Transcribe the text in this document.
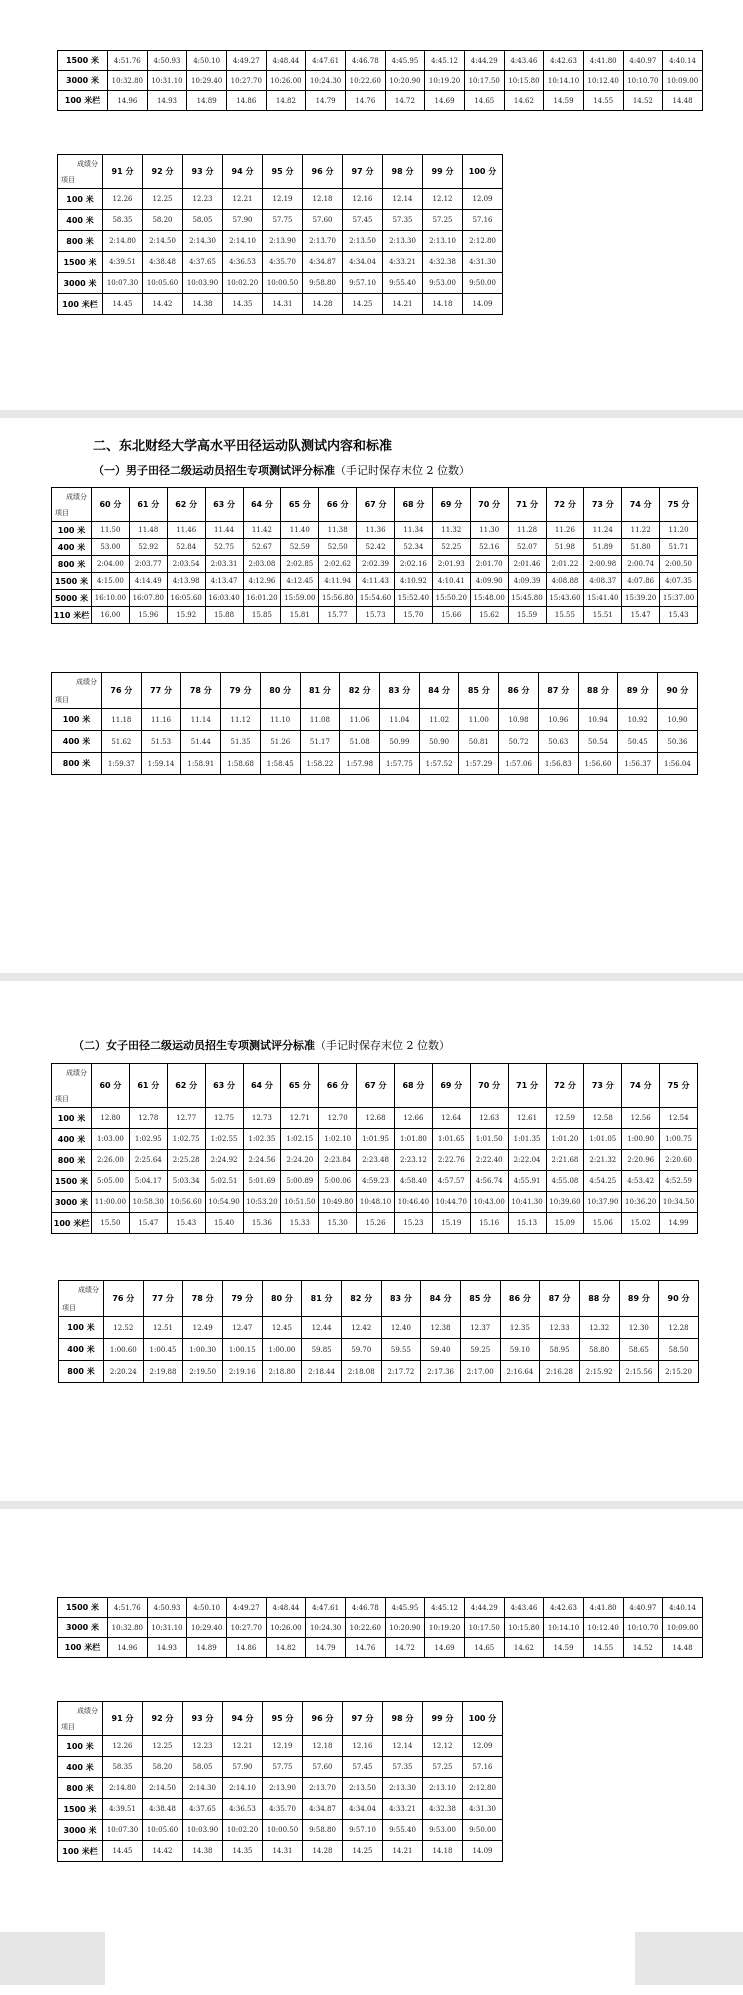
1500 米	4:51.76	4:50.93	4:50.10	4:49.27	4:48.44	4:47.61	4:46.78	4:45.95	4:45.12	4:44.29	4:43.46	4:42.63	4:41.80	4:40.97	4:40.14
3000 米	10:32.80	10:31.10	10:29.40	10:27.70	10:26.00	10:24.30	10:22.60	10:20.90	10:19.20	10:17.50	10:15.80	10:14.10	10:12.40	10:10.70	10:09.00
100 米栏	14.96	14.93	14.89	14.86	14.82	14.79	14.76	14.72	14.69	14.65	14.62	14.59	14.55	14.52	14.48
成绩分
项目	91 分	92 分	93 分	94 分	95 分	96 分	97 分	98 分	99 分	100 分
100 米	12.26	12.25	12.23	12.21	12.19	12.18	12.16	12.14	12.12	12.09
400 米	58.35	58.20	58.05	57.90	57.75	57.60	57.45	57.35	57.25	57.16
800 米	2:14.80	2:14.50	2:14.30	2:14.10	2:13.90	2:13.70	2:13.50	2:13.30	2:13.10	2:12.80
1500 米	4:39.51	4:38.48	4:37.65	4:36.53	4:35.70	4:34.87	4:34.04	4:33.21	4:32.38	4:31.30
3000 米	10:07.30	10:05.60	10:03.90	10:02.20	10:00.50	9:58.80	9:57.10	9:55.40	9:53.00	9:50.00
100 米栏	14.45	14.42	14.38	14.35	14.31	14.28	14.25	14.21	14.18	14.09
二、东北财经大学高水平田径运动队测试内容和标准
（一）男子田径二级运动员招生专项测试评分标准（手记时保存末位 2 位数）
成绩分
项目	60 分	61 分	62 分	63 分	64 分	65 分	66 分	67 分	68 分	69 分	70 分	71 分	72 分	73 分	74 分	75 分
100 米	11.50	11.48	11.46	11.44	11.42	11.40	11.38	11.36	11.34	11.32	11.30	11.28	11.26	11.24	11.22	11.20
400 米	53.00	52.92	52.84	52.75	52.67	52.59	52.50	52.42	52.34	52.25	52.16	52.07	51.98	51.89	51.80	51.71
800 米	2:04.00	2:03.77	2:03.54	2:03.31	2:03.08	2:02.85	2:02.62	2:02.39	2:02.16	2:01.93	2:01.70	2:01.46	2:01.22	2:00.98	2:00.74	2:00.50
1500 米	4:15.00	4:14.49	4:13.98	4:13.47	4:12.96	4:12.45	4:11.94	4:11.43	4:10.92	4:10.41	4:09.90	4:09.39	4:08.88	4:08.37	4:07.86	4:07.35
5000 米	16:10.00	16:07.80	16:05.60	16:03.40	16:01.20	15:59.00	15:56.80	15:54.60	15:52.40	15:50.20	15:48.00	15:45.80	15:43.60	15:41.40	15:39.20	15:37.00
110 米栏	16.00	15.96	15.92	15.88	15.85	15.81	15.77	15.73	15.70	15.66	15.62	15.59	15.55	15.51	15.47	15.43
成绩分
项目	76 分	77 分	78 分	79 分	80 分	81 分	82 分	83 分	84 分	85 分	86 分	87 分	88 分	89 分	90 分
100 米	11.18	11.16	11.14	11.12	11.10	11.08	11.06	11.04	11.02	11.00	10.98	10.96	10.94	10.92	10.90
400 米	51.62	51.53	51.44	51.35	51.26	51.17	51.08	50.99	50.90	50.81	50.72	50.63	50.54	50.45	50.36
800 米	1:59.37	1:59.14	1:58.91	1:58.68	1:58.45	1:58.22	1:57.98	1:57.75	1:57.52	1:57.29	1:57.06	1:56.83	1:56.60	1:56.37	1:56.04
（二）女子田径二级运动员招生专项测试评分标准（手记时保存末位 2 位数）
成绩分
项目	60 分	61 分	62 分	63 分	64 分	65 分	66 分	67 分	68 分	69 分	70 分	71 分	72 分	73 分	74 分	75 分
100 米	12.80	12.78	12.77	12.75	12.73	12.71	12.70	12.68	12.66	12.64	12.63	12.61	12.59	12.58	12.56	12.54
400 米	1:03.00	1:02.95	1:02.75	1:02.55	1:02.35	1:02.15	1:02.10	1:01.95	1:01.80	1:01.65	1:01.50	1:01.35	1:01.20	1:01.05	1:00.90	1:00.75
800 米	2:26.00	2:25.64	2:25.28	2:24.92	2:24.56	2:24.20	2:23.84	2:23.48	2:23.12	2:22.76	2:22.40	2:22.04	2:21.68	2:21.32	2:20.96	2:20.60
1500 米	5:05.00	5:04.17	5:03.34	5:02.51	5:01.69	5:00.89	5:00.06	4:59.23	4:58.40	4:57.57	4:56.74	4:55.91	4:55.08	4:54.25	4:53.42	4:52.59
3000 米	11:00.00	10:58.30	10:56.60	10:54.90	10:53.20	10:51.50	10:49.80	10:48.10	10:46.40	10:44.70	10:43.00	10:41.30	10:39.60	10:37.90	10:36.20	10:34.50
100 米栏	15.50	15.47	15.43	15.40	15.36	15.33	15.30	15.26	15.23	15.19	15.16	15.13	15.09	15.06	15.02	14.99
成绩分
项目	76 分	77 分	78 分	79 分	80 分	81 分	82 分	83 分	84 分	85 分	86 分	87 分	88 分	89 分	90 分
100 米	12.52	12.51	12.49	12.47	12.45	12.44	12.42	12.40	12.38	12.37	12.35	12.33	12.32	12.30	12.28
400 米	1:00.60	1:00.45	1:00.30	1:00.15	1:00.00	59.85	59.70	59.55	59.40	59.25	59.10	58.95	58.80	58.65	58.50
800 米	2:20.24	2:19.88	2:19.50	2:19.16	2:18.80	2:18.44	2:18.08	2:17.72	2:17.36	2:17.00	2:16.64	2:16.28	2:15.92	2:15.56	2:15.20
1500 米	4:51.76	4:50.93	4:50.10	4:49.27	4:48.44	4:47.61	4:46.78	4:45.95	4:45.12	4:44.29	4:43.46	4:42.63	4:41.80	4:40.97	4:40.14
3000 米	10:32.80	10:31.10	10:29.40	10:27.70	10:26.00	10:24.30	10:22.60	10:20.90	10:19.20	10:17.50	10:15.80	10:14.10	10:12.40	10:10.70	10:09.00
100 米栏	14.96	14.93	14.89	14.86	14.82	14.79	14.76	14.72	14.69	14.65	14.62	14.59	14.55	14.52	14.48
成绩分
项目	91 分	92 分	93 分	94 分	95 分	96 分	97 分	98 分	99 分	100 分
100 米	12.26	12.25	12.23	12.21	12.19	12.18	12.16	12.14	12.12	12.09
400 米	58.35	58.20	58.05	57.90	57.75	57.60	57.45	57.35	57.25	57.16
800 米	2:14.80	2:14.50	2:14.30	2:14.10	2:13.90	2:13.70	2:13.50	2:13.30	2:13.10	2:12.80
1500 米	4:39.51	4:38.48	4:37.65	4:36.53	4:35.70	4:34.87	4:34.04	4:33.21	4:32.38	4:31.30
3000 米	10:07.30	10:05.60	10:03.90	10:02.20	10:00.50	9:58.80	9:57.10	9:55.40	9:53.00	9:50.00
100 米栏	14.45	14.42	14.38	14.35	14.31	14.28	14.25	14.21	14.18	14.09
